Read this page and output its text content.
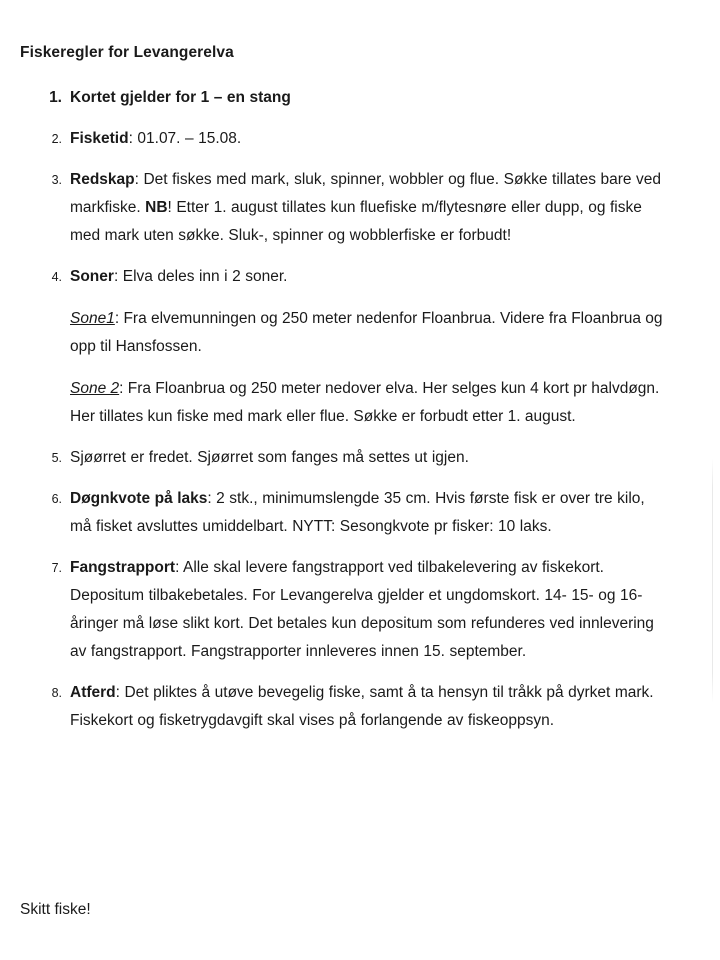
Fiskeregler for Levangerelva
1. Kortet gjelder for 1 – en stang
2. Fisketid: 01.07. – 15.08.
3. Redskap: Det fiskes med mark, sluk, spinner, wobbler og flue. Søkke tillates bare ved markfiske. NB! Etter 1. august tillates kun fluefiske m/flytesnøre eller dupp, og fiske med mark uten søkke. Sluk-, spinner og wobblerfiske er forbudt!
4. Soner: Elva deles inn i 2 soner.
Sone1: Fra elvemunningen og 250 meter nedenfor Floanbrua. Videre fra Floanbrua og opp til Hansfossen.
Sone 2: Fra Floanbrua og 250 meter nedover elva. Her selges kun 4 kort pr halvdøgn. Her tillates kun fiske med mark eller flue. Søkke er forbudt etter 1. august.
5. Sjøørret er fredet. Sjøørret som fanges må settes ut igjen.
6. Døgnkvote på laks: 2 stk., minimumslengde 35 cm. Hvis første fisk er over tre kilo, må fisket avsluttes umiddelbart. NYTT: Sesongkvote pr fisker: 10 laks.
7. Fangstrapport: Alle skal levere fangstrapport ved tilbakelevering av fiskekort. Depositum tilbakebetales. For Levangerelva gjelder et ungdomskort. 14- 15- og 16-åringer må løse slikt kort. Det betales kun depositum som refunderes ved innlevering av fangstrapport. Fangstrapporter innleveres innen 15. september.
8. Atferd: Det pliktes å utøve bevegelig fiske, samt å ta hensyn til tråkk på dyrket mark. Fiskekort og fisketrygdavgift skal vises på forlangende av fiskeoppsyn.
Skitt fiske!
